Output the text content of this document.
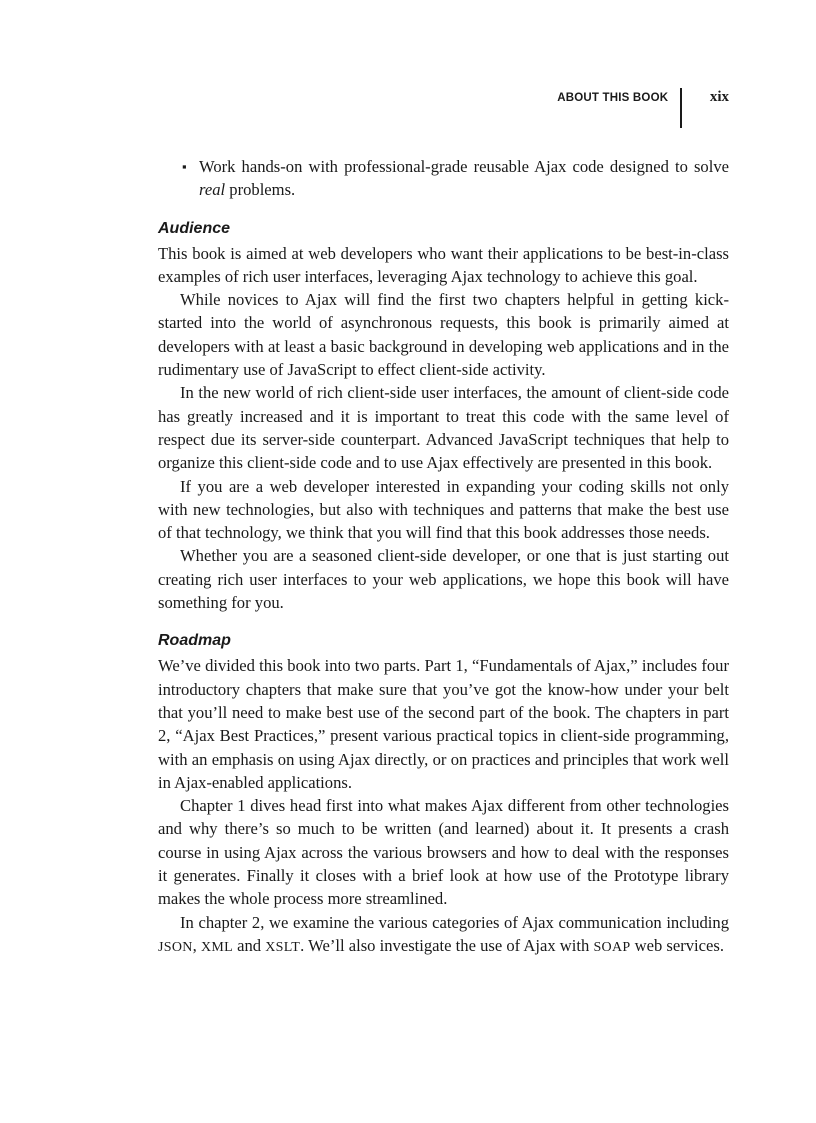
ABOUT THIS BOOK	xix

▪ Work hands-on with professional-grade reusable Ajax code designed to solve real problems.

Audience

This book is aimed at web developers who want their applications to be best-in-class examples of rich user interfaces, leveraging Ajax technology to achieve this goal.

While novices to Ajax will find the first two chapters helpful in getting kick-started into the world of asynchronous requests, this book is primarily aimed at developers with at least a basic background in developing web applications and in the rudimentary use of JavaScript to effect client-side activity.

In the new world of rich client-side user interfaces, the amount of client-side code has greatly increased and it is important to treat this code with the same level of respect due its server-side counterpart. Advanced JavaScript techniques that help to organize this client-side code and to use Ajax effectively are presented in this book.

If you are a web developer interested in expanding your coding skills not only with new technologies, but also with techniques and patterns that make the best use of that technology, we think that you will find that this book addresses those needs.

Whether you are a seasoned client-side developer, or one that is just starting out creating rich user interfaces to your web applications, we hope this book will have something for you.

Roadmap

We’ve divided this book into two parts. Part 1, “Fundamentals of Ajax,” includes four introductory chapters that make sure that you’ve got the know-how under your belt that you’ll need to make best use of the second part of the book. The chapters in part 2, “Ajax Best Practices,” present various practical topics in client-side programming, with an emphasis on using Ajax directly, or on practices and principles that work well in Ajax-enabled applications.

Chapter 1 dives head first into what makes Ajax different from other technologies and why there’s so much to be written (and learned) about it. It presents a crash course in using Ajax across the various browsers and how to deal with the responses it generates. Finally it closes with a brief look at how use of the Prototype library makes the whole process more streamlined.

In chapter 2, we examine the various categories of Ajax communication including JSON, XML and XSLT. We’ll also investigate the use of Ajax with SOAP web services.
